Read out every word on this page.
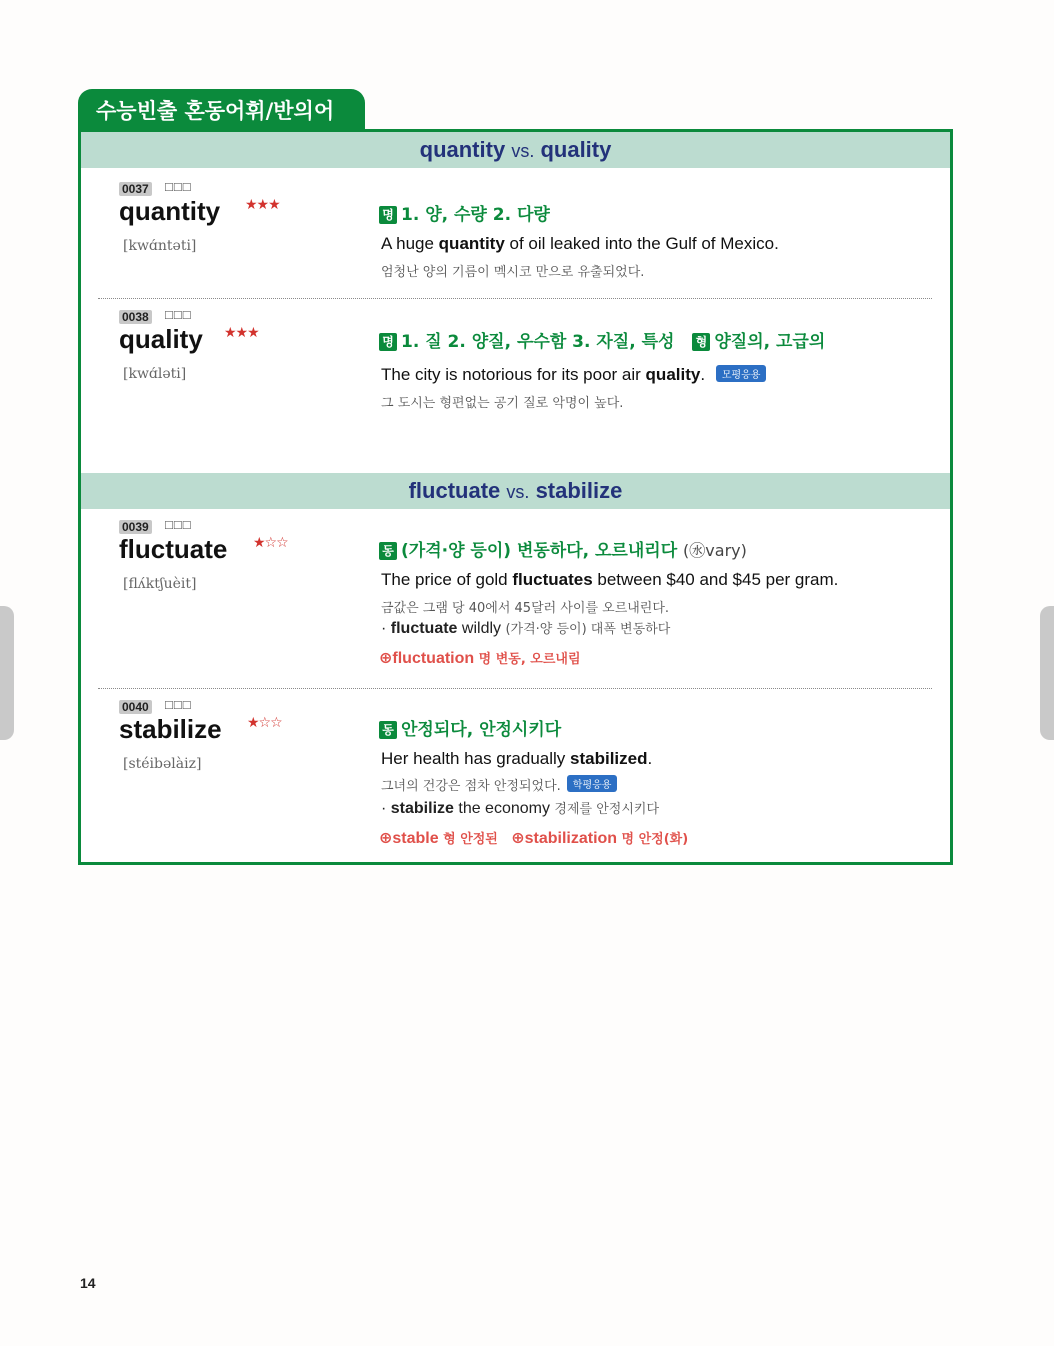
수능빈출 혼동어휘/반의어
quantity vs. quality
0037 □□□
quantity ★★★
[kwɑ́ntəti]
명 1. 양, 수량 2. 다량
A huge quantity of oil leaked into the Gulf of Mexico.
엄청난 양의 기름이 멕시코 만으로 유출되었다.
0038 □□□
quality ★★★
[kwɑ́ləti]
명 1. 질 2. 양질, 우수함 3. 자질, 특성 형 양질의, 고급의
The city is notorious for its poor air quality. 모평응용
그 도시는 형편없는 공기 질로 악명이 높다.
fluctuate vs. stabilize
0039 □□□
fluctuate ★☆☆
[flʌ́ktʃuèit]
동 (가격·양 등이) 변동하다, 오르내리다 (㊌vary)
The price of gold fluctuates between $40 and $45 per gram.
금값은 그램 당 40에서 45달러 사이를 오르내린다.
· fluctuate wildly (가격·양 등이) 대폭 변동하다
⊕fluctuation 명 변동, 오르내림
0040 □□□
stabilize ★☆☆
[stéibəlàiz]
동 안정되다, 안정시키다
Her health has gradually stabilized.
그녀의 건강은 점차 안정되었다. 학평응용
· stabilize the economy 경제를 안정시키다
⊕stable 형 안정된 ⊕stabilization 명 안정(화)
14
